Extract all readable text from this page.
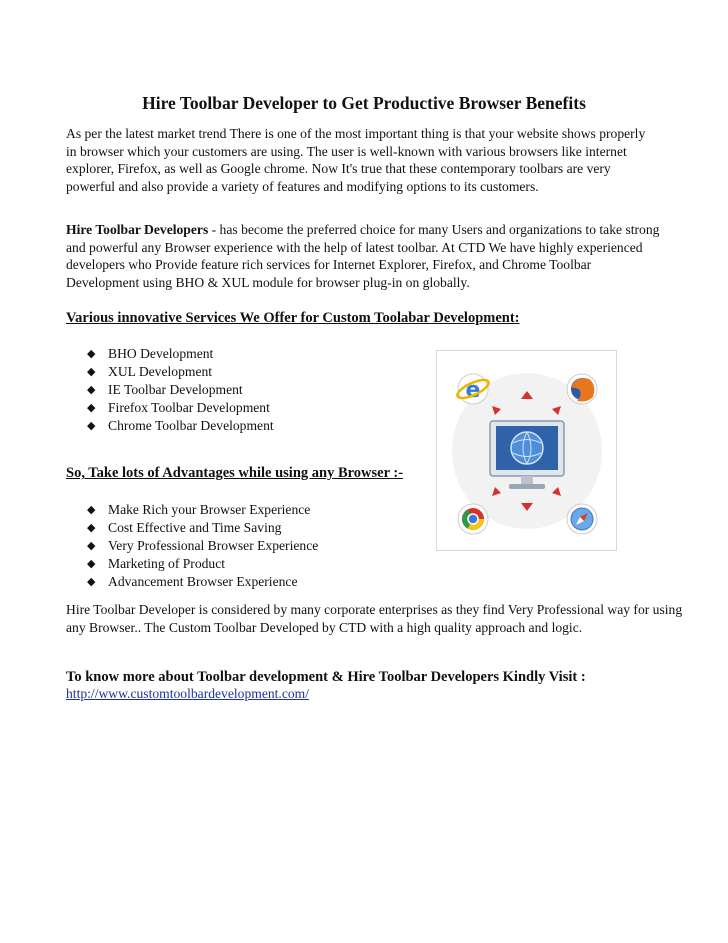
Hire Toolbar Developer to Get Productive Browser Benefits

As per the latest market trend There is one of the most important thing is that your website shows properly in browser which your customers are using. The user is well-known with various browsers like internet explorer, Firefox, as well as Google chrome. Now It's true that these contemporary toolbars are very powerful and also provide a variety of features and modifying options to its customers.

Hire Toolbar Developers - has become the preferred choice for many Users and organizations to take strong and powerful any Browser experience with the help of latest toolbar. At CTD We have highly experienced developers who Provide feature rich services for Internet Explorer, Firefox, and Chrome Toolbar Development using BHO & XUL module for browser plug-in on globally.

Various innovative Services We Offer for Custom Toolabar Development:

◆ BHO Development
◆ XUL Development
◆ IE Toolbar Development
◆ Firefox Toolbar Development
◆ Chrome Toolbar Development

So, Take lots of Advantages while using any Browser :-

◆ Make Rich your Browser Experience
◆ Cost Effective and Time Saving
◆ Very Professional Browser Experience
◆ Marketing of Product
◆ Advancement Browser Experience

Hire Toolbar Developer is considered by many corporate enterprises as they find Very Professional way for using any Browser.. The Custom Toolbar Developed by CTD with a high quality approach and logic.

To know more about Toolbar development & Hire Toolbar Developers Kindly Visit :

http://www.customtoolbardevelopment.com/
e
